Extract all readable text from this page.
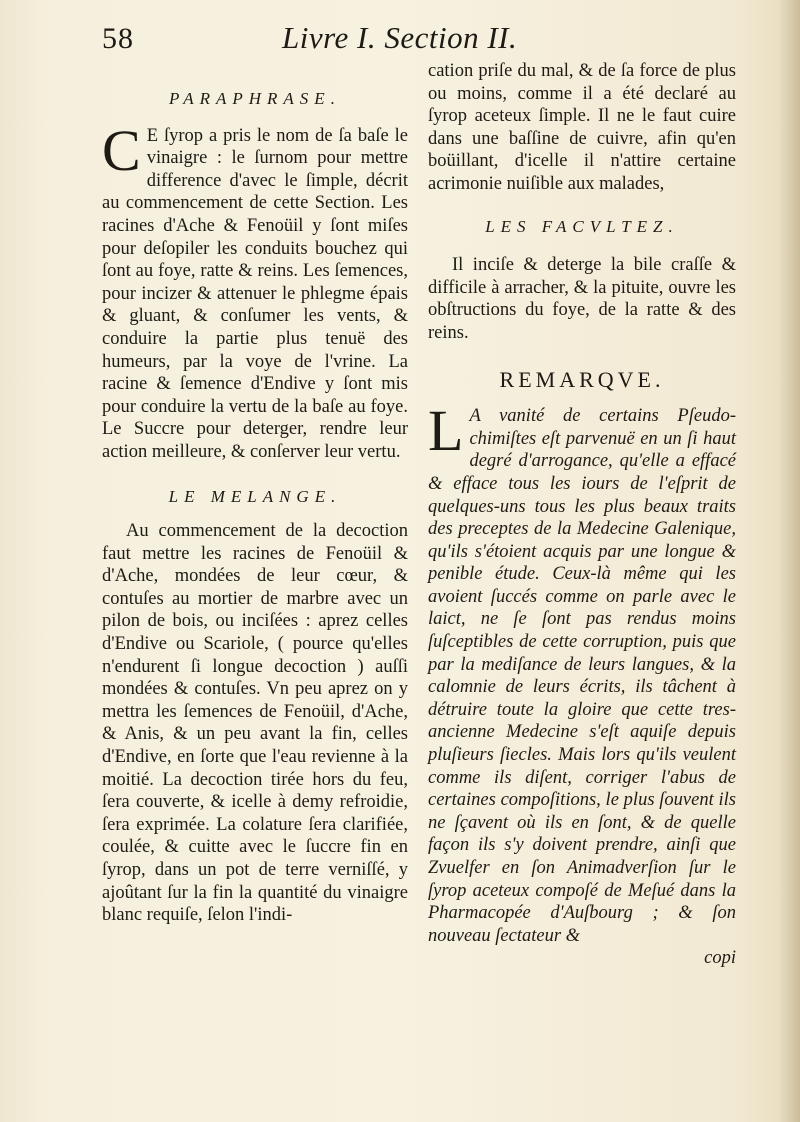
58	Livre I. Section II.
PARAPHRASE.

C E ſyrop a pris le nom de ſa baſe le vinaigre : le ſurnom pour mettre difference d'avec le ſimple, décrit au commencement de cette Section. Les racines d'Ache & Fenoüil y ſont miſes pour deſopiler les conduits bouchez qui ſont au foye, ratte & reins. Les ſemences, pour incizer & attenuer le phlegme épais & gluant, & conſumer les vents, & conduire la partie plus tenuë des humeurs, par la voye de l'vrine. La racine & ſemence d'Endive y ſont mis pour conduire la vertu de la baſe au foye. Le Succre pour deterger, rendre leur action meilleure, & conſerver leur vertu.

LE MELANGE.

Au commencement de la decoction faut mettre les racines de Fenoüil & d'Ache, mondées de leur cœur, & contuſes au mortier de marbre avec un pilon de bois, ou inciſées : aprez celles d'Endive ou Scariole, ( pource qu'elles n'endurent ſi longue decoction ) auſſi mondées & contuſes. Vn peu aprez on y mettra les ſemences de Fenoüil, d'Ache, & Anis, & un peu avant la fin, celles d'Endive, en ſorte que l'eau revienne à la moitié. La decoction tirée hors du feu, ſera couverte, & icelle à demy refroidie, ſera exprimée. La colature ſera clarifiée, coulée, & cuitte avec le ſuccre fin en ſyrop, dans un pot de terre verniſſé, y ajoûtant ſur la fin la quantité du vinaigre blanc requiſe, ſelon l'indi-

cation priſe du mal, & de ſa force de plus ou moins, comme il a été declaré au ſyrop aceteux ſimple. Il ne le faut cuire dans une baſſine de cuivre, afin qu'en boüillant, d'icelle il n'attire certaine acrimonie nuiſible aux malades,

LES FACVLTEZ.

Il inciſe & deterge la bile craſſe & difficile à arracher, & la pituite, ouvre les obſtructions du foye, de la ratte & des reins.

REMARQVE.

L A vanité de certains Pſeudo-chimiſtes eſt parvenuë en un ſi haut degré d'arrogance, qu'elle a effacé & efface tous les iours de l'eſprit de quelques-uns tous les plus beaux traits des preceptes de la Medecine Galenique, qu'ils s'étoient acquis par une longue & penible étude. Ceux-là même qui les avoient ſuccés comme on parle avec le laict, ne ſe ſont pas rendus moins ſuſceptibles de cette corruption, puis que par la mediſance de leurs langues, & la calomnie de leurs écrits, ils tâchent à détruire toute la gloire que cette tres-ancienne Medecine s'eſt aquiſe depuis pluſieurs ſiecles. Mais lors qu'ils veulent comme ils diſent, corriger l'abus de certaines compoſitions, le plus ſouvent ils ne ſçavent où ils en ſont, & de quelle façon ils s'y doivent prendre, ainſi que Zvuelfer en ſon Animadverſion ſur le ſyrop aceteux compoſé de Meſué dans la Pharmacopée d'Auſbourg ; & ſon nouveau ſectateur &

copi
